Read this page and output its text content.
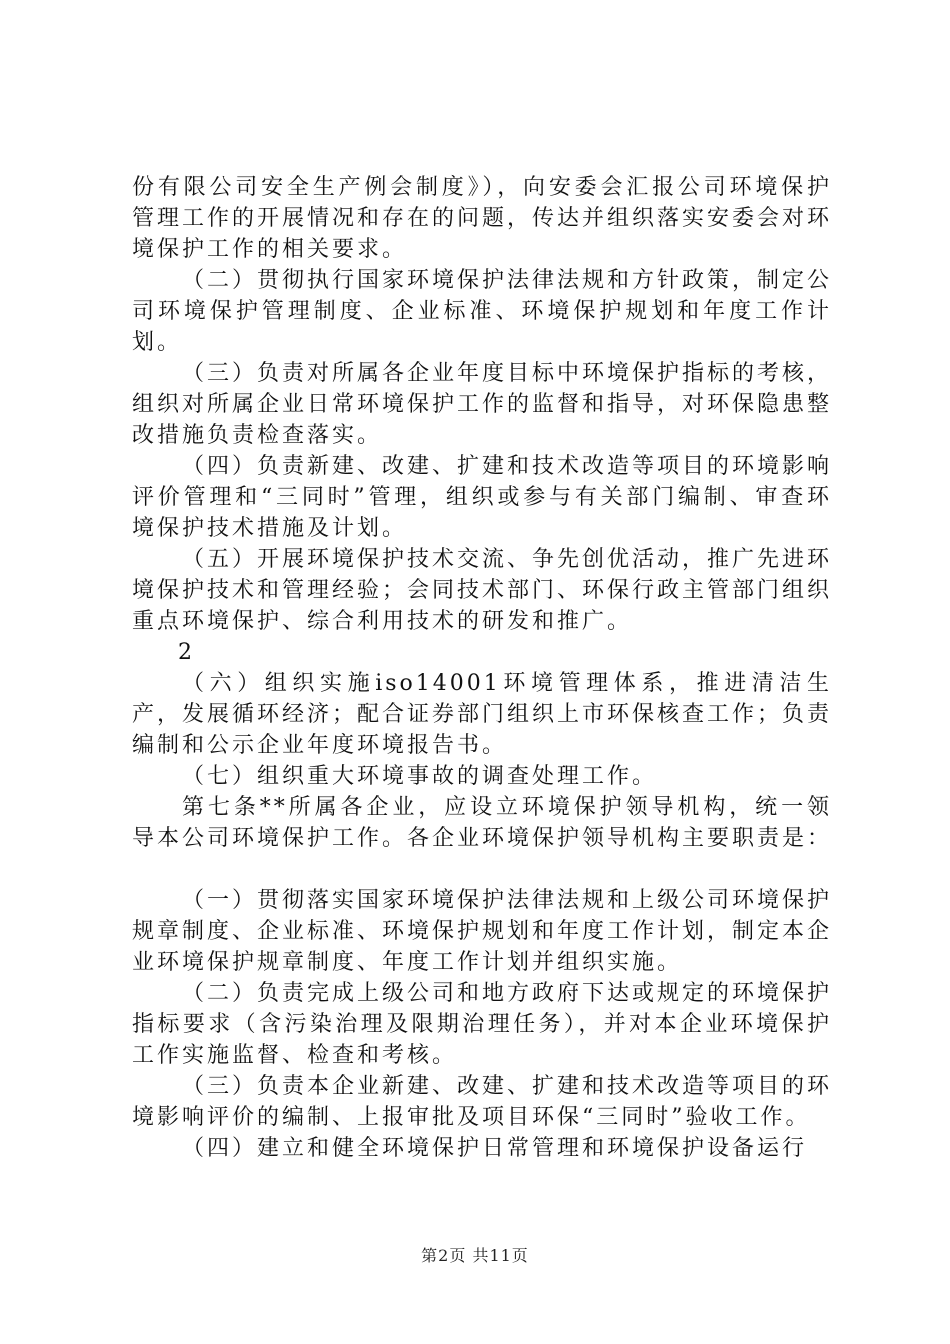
份有限公司安全生产例会制度》），向安委会汇报公司环境保护管理工作的开展情况和存在的问题，传达并组织落实安委会对环境保护工作的相关要求。

（二）贯彻执行国家环境保护法律法规和方针政策，制定公司环境保护管理制度、企业标准、环境保护规划和年度工作计划。

（三）负责对所属各企业年度目标中环境保护指标的考核，组织对所属企业日常环境保护工作的监督和指导，对环保隐患整改措施负责检查落实。

（四）负责新建、改建、扩建和技术改造等项目的环境影响评价管理和“三同时”管理，组织或参与有关部门编制、审查环境保护技术措施及计划。

（五）开展环境保护技术交流、争先创优活动，推广先进环境保护技术和管理经验；会同技术部门、环保行政主管部门组织重点环境保护、综合利用技术的研发和推广。

2

（六）组织实施iso14001环境管理体系，推进清洁生产，发展循环经济；配合证券部门组织上市环保核查工作；负责编制和公示企业年度环境报告书。

（七）组织重大环境事故的调查处理工作。

第七条**所属各企业，应设立环境保护领导机构，统一领导本公司环境保护工作。各企业环境保护领导机构主要职责是：

（一）贯彻落实国家环境保护法律法规和上级公司环境保护规章制度、企业标准、环境保护规划和年度工作计划，制定本企业环境保护规章制度、年度工作计划并组织实施。

（二）负责完成上级公司和地方政府下达或规定的环境保护指标要求（含污染治理及限期治理任务），并对本企业环境保护工作实施监督、检查和考核。

（三）负责本企业新建、改建、扩建和技术改造等项目的环境影响评价的编制、上报审批及项目环保“三同时”验收工作。

（四）建立和健全环境保护日常管理和环境保护设备运行

第2页 共11页
